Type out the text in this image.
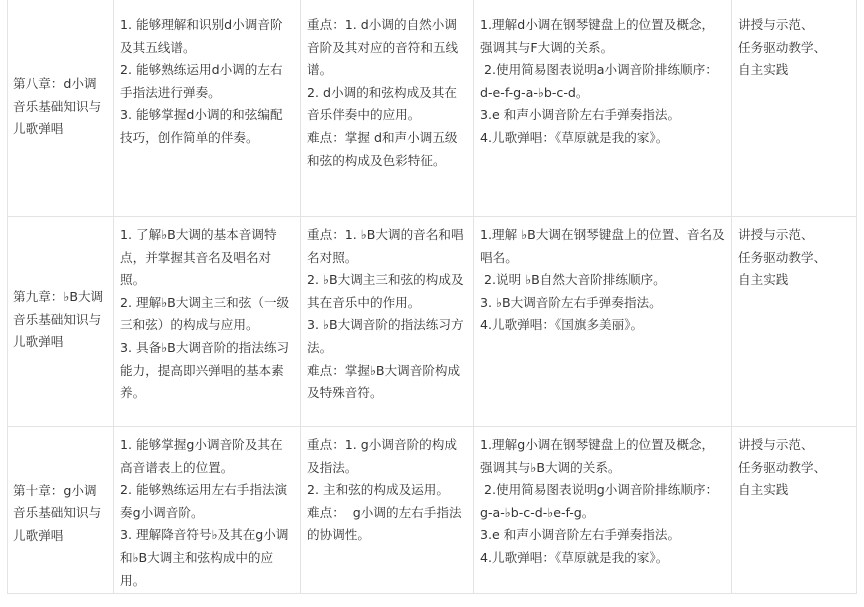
第八章：d小调音乐基础知识与儿歌弹唱
1. 能够理解和识别d小调音阶及其五线谱。
2. 能够熟练运用d小调的左右手指法进行弹奏。
3. 能够掌握d小调的和弦编配技巧，创作简单的伴奏。
重点：1. d小调的自然小调音阶及其对应的音符和五线谱。
2. d小调的和弦构成及其在音乐伴奏中的应用。
难点：掌握 d和声小调五级和弦的构成及色彩特征。
1.理解d小调在钢琴键盘上的位置及概念，强调其与F大调的关系。
2.使用简易图表说明a小调音阶排练顺序：d-e-f-g-a-♭b-c-d。
3.e 和声小调音阶左右手弹奏指法。
4.儿歌弹唱：《草原就是我的家》。
讲授与示范、
任务驱动教学、
自主实践
第九章：♭B大调音乐基础知识与儿歌弹唱
1. 了解♭B大调的基本音调特点，并掌握其音名及唱名对照。
2. 理解♭B大调主三和弦（一级三和弦）的构成与应用。
3. 具备♭B大调音阶的指法练习能力，提高即兴弹唱的基本素养。
重点：1. ♭B大调的音名和唱名对照。
2. ♭B大调主三和弦的构成及其在音乐中的作用。
3. ♭B大调音阶的指法练习方法。
难点：掌握♭B大调音阶构成及特殊音符。
1.理解 ♭B大调在钢琴键盘上的位置、音名及唱名。
2.说明 ♭B自然大音阶排练顺序。
3. ♭B大调音阶左右手弹奏指法。
4.儿歌弹唱：《国旗多美丽》。
讲授与示范、
任务驱动教学、
自主实践
第十章：g小调音乐基础知识与儿歌弹唱
1. 能够掌握g小调音阶及其在高音谱表上的位置。
2. 能够熟练运用左右手指法演奏g小调音阶。
3. 理解降音符号♭及其在g小调和♭B大调主和弦构成中的应用。
重点：1. g小调音阶的构成及指法。
2. 主和弦的构成及运用。
难点：  g小调的左右手指法的协调性。
1.理解g小调在钢琴键盘上的位置及概念，强调其与♭B大调的关系。
2.使用简易图表说明g小调音阶排练顺序：g-a-♭b-c-d-♭e-f-g。
3.e 和声小调音阶左右手弹奏指法。
4.儿歌弹唱：《草原就是我的家》。
讲授与示范、
任务驱动教学、
自主实践
